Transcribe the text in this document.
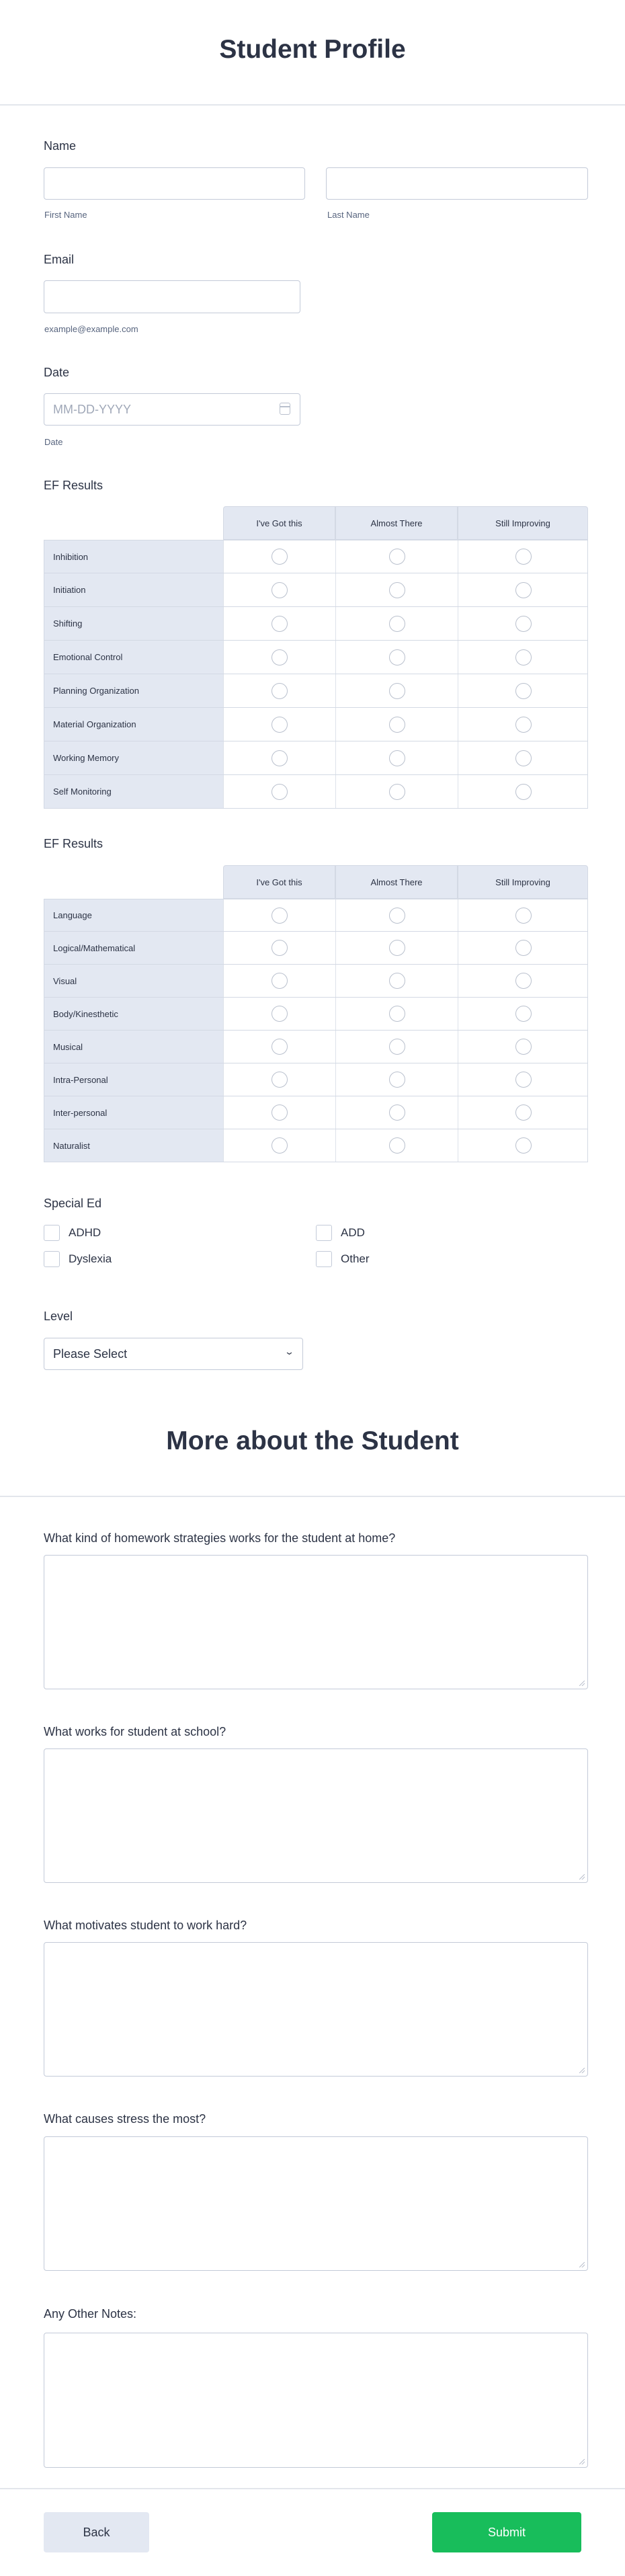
Student Profile
Name
First Name	Last Name
Email
example@example.com
Date
MM-DD-YYYY
Date
EF Results
I've Got this	Almost There	Still Improving
Inhibition
Initiation
Shifting
Emotional Control
Planning Organization
Material Organization
Working Memory
Self Monitoring
EF Results
I've Got this	Almost There	Still Improving
Language
Logical/Mathematical
Visual
Body/Kinesthetic
Musical
Intra-Personal
Inter-personal
Naturalist
Special Ed
ADHD	ADD
Dyslexia	Other
Level
Please Select	⌄
More about the Student
What kind of homework strategies works for the student at home?
What works for student at school?
What motivates student to work hard?
What causes stress the most?
Any Other Notes:
Back	Submit
